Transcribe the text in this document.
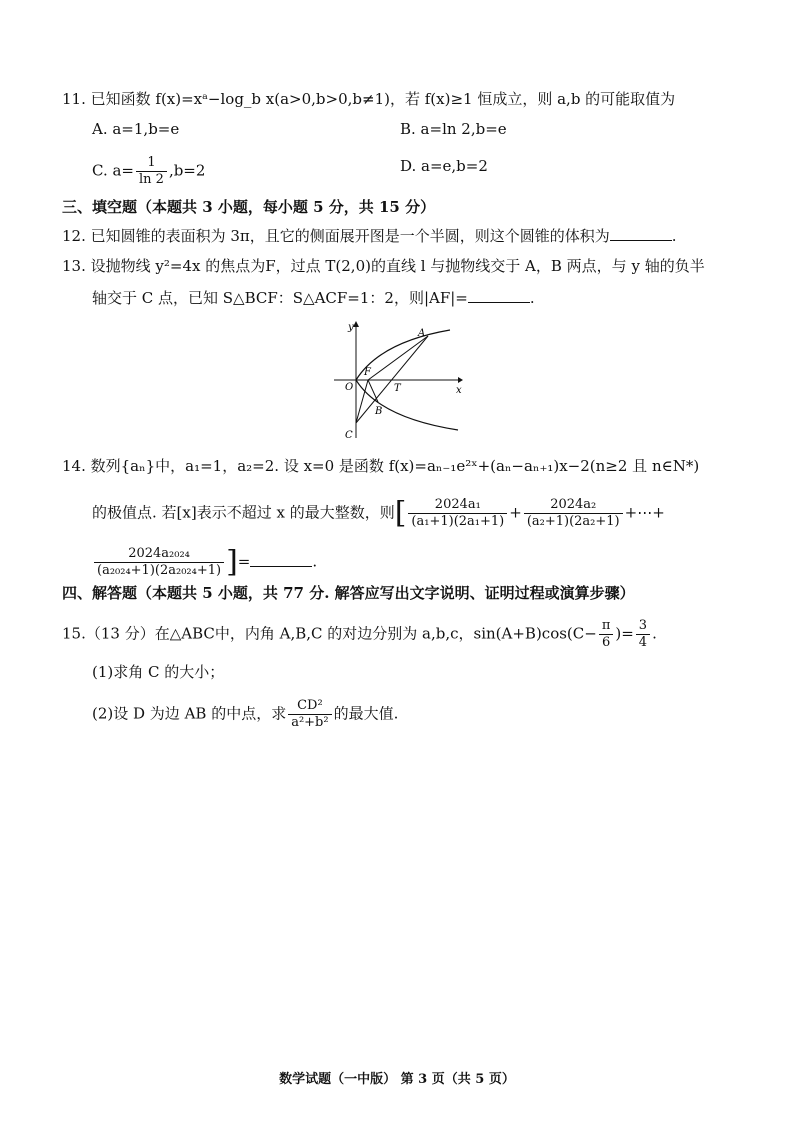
11. 已知函数 f(x)=xᵃ−log_b x(a>0,b>0,b≠1)，若 f(x)≥1 恒成立，则 a,b 的可能取值为
A. a=1,b=e	B. a=ln 2,b=e
C. $a= \frac{1}{\ln 2} ,b=2$	D. a=e,b=2
三、填空题（本题共 3 小题，每小题 5 分，共 15 分）
12. 已知圆锥的表面积为 3π，且它的侧面展开图是一个半圆，则这个圆锥的体积为	.
13. 设抛物线 y²=4x 的焦点为F，过点 T(2,0)的直线 l 与抛物线交于 A，B 两点，与 y 轴的负半
轴交于 C 点，已知 S△BCF：S△ACF=1：2，则|AF|=	.
y
x
O
F
T
A
B
C
14. 数列{aₙ}中，a₁=1，a₂=2. 设 x=0 是函数 f(x)=aₙ₋₁e²ˣ+(aₙ−aₙ₊₁)x−2(n≥2 且 n∈N*)
的极值点. 若[x]表示不超过 x 的最大整数，则[ $\frac{\text{2024a₁}}{\text{(a₁+1)(2a₁+1)}} + \frac{\text{2024a₂}}{\text{(a₂+1)(2a₂+1)}}$ +⋯+
$\frac{\text{2024a₂₀₂₄}}{\text{(a₂₀₂₄+1)(2a₂₀₂₄+1)}}$ ]=	.
四、解答题（本题共 5 小题，共 77 分. 解答应写出文字说明、证明过程或演算步骤）
15.（13 分）在△ABC中，内角 A,B,C 的对边分别为 a,b,c，$\sin(A+B)\cos(C- \frac{\pi}{6}$ )= $\frac{3}{4}$ .
(1)求角 C 的大小；
(2)设 D 为边 AB 的中点，求 $\frac{\text{CD²}}{\text{a²+b²}}$ 的最大值.
数学试题（一中版） 第 3 页（共 5 页）
